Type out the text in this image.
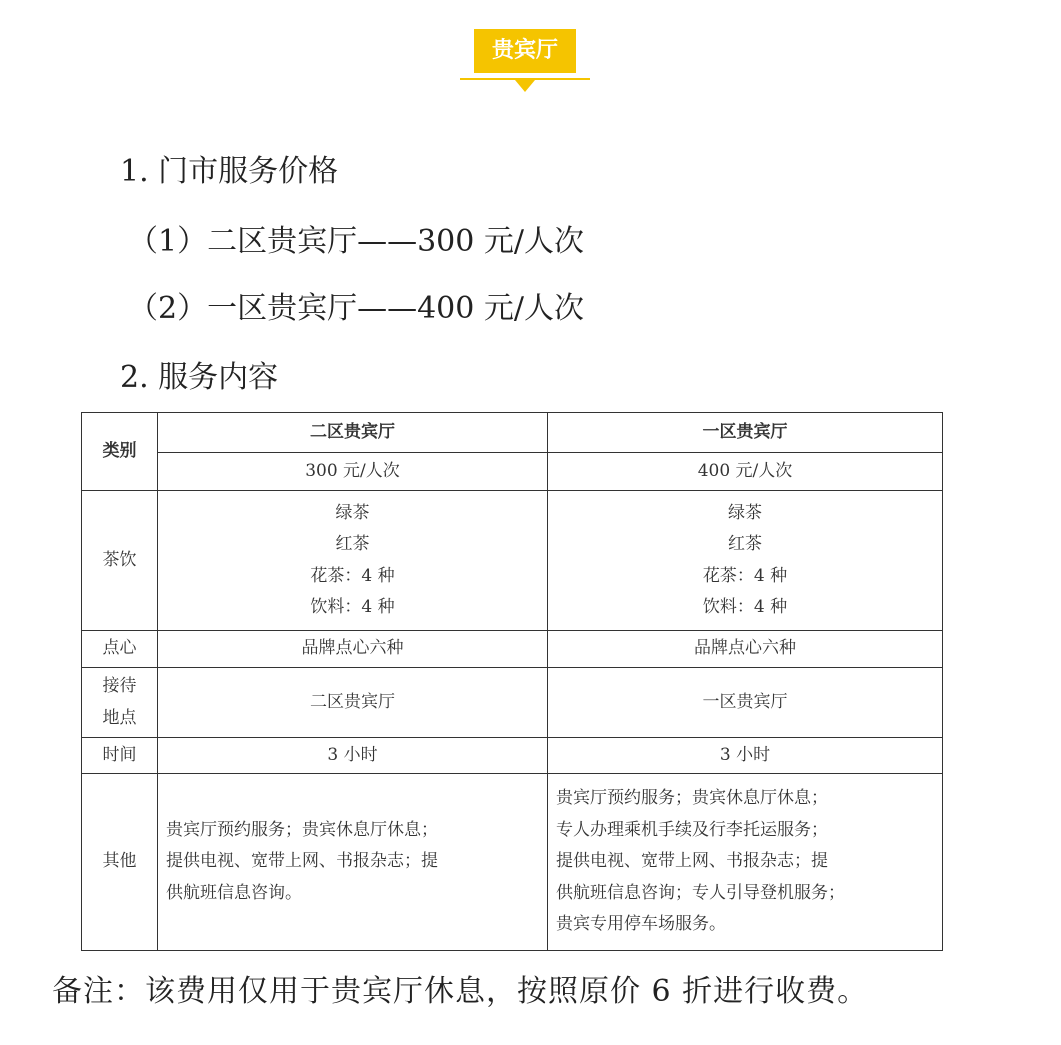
贵宾厅
1. 门市服务价格
（1）二区贵宾厅——300 元/人次
（2）一区贵宾厅——400 元/人次
2. 服务内容
类别	二区贵宾厅	一区贵宾厅
	300 元/人次	400 元/人次
茶饮	绿茶
红茶
花茶：4 种
饮料：4 种	绿茶
红茶
花茶：4 种
饮料：4 种

点心	品牌点心六种	品牌点心六种

接待
地点	二区贵宾厅	一区贵宾厅
时间	3 小时	3 小时
其他	贵宾厅预约服务；贵宾休息厅休息；
提供电视、宽带上网、书报杂志；提
供航班信息咨询。	贵宾厅预约服务；贵宾休息厅休息；
专人办理乘机手续及行李托运服务；
提供电视、宽带上网、书报杂志；提
供航班信息咨询；专人引导登机服务；
贵宾专用停车场服务。
备注：该费用仅用于贵宾厅休息，按照原价 6 折进行收费。
